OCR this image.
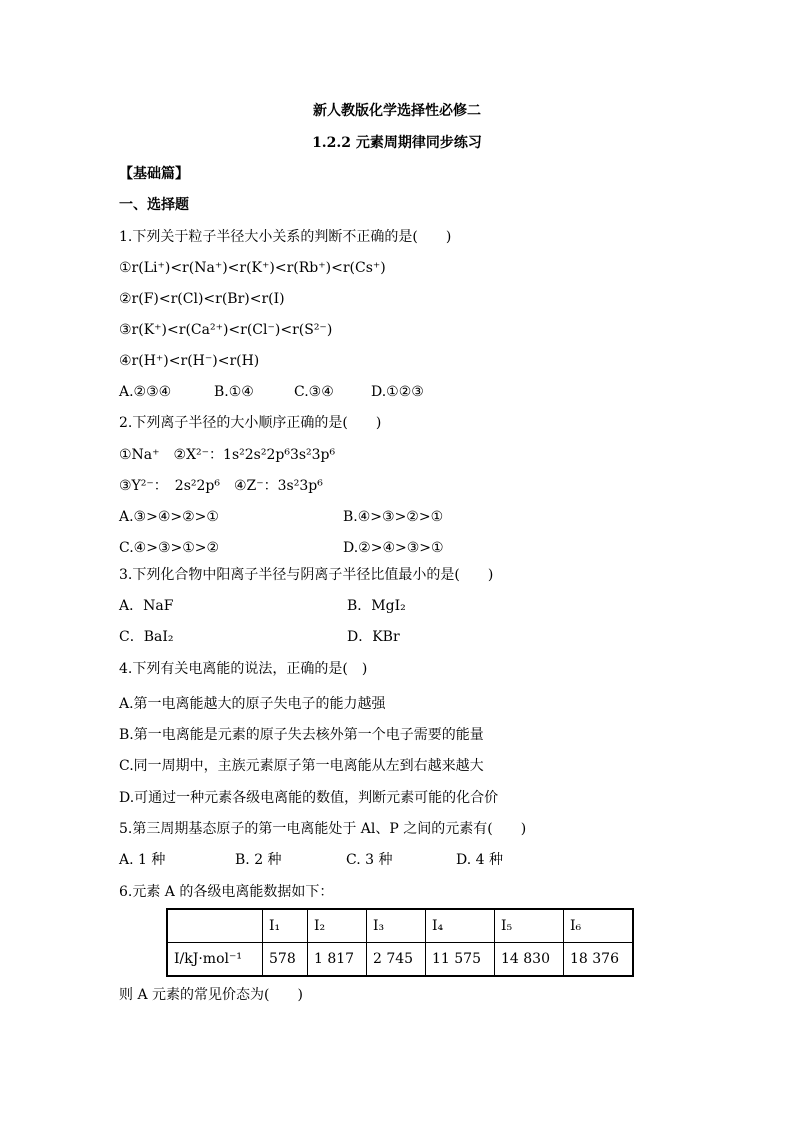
新人教版化学选择性必修二
1.2.2 元素周期律同步练习
【基础篇】
一、选择题
1.下列关于粒子半径大小关系的判断不正确的是(　　)
①r(Li⁺)<r(Na⁺)<r(K⁺)<r(Rb⁺)<r(Cs⁺)
②r(F)<r(Cl)<r(Br)<r(I)
③r(K⁺)<r(Ca²⁺)<r(Cl⁻)<r(S²⁻)
④r(H⁺)<r(H⁻)<r(H)
A.②③④	B.①④	C.③④	D.①②③
2.下列离子半径的大小顺序正确的是(　　)
①Na⁺　②X²⁻：1s²2s²2p⁶3s²3p⁶
③Y²⁻：　2s²2p⁶　④Z⁻：3s²3p⁶
A.③>④>②>①	B.④>③>②>①
C.④>③>①>②	D.②>④>③>①
3.下列化合物中阳离子半径与阴离子半径比值最小的是(　　)
A．NaF	B．MgI₂
C．BaI₂	D．KBr
4.下列有关电离能的说法，正确的是(　)
A.第一电离能越大的原子失电子的能力越强
B.第一电离能是元素的原子失去核外第一个电子需要的能量
C.同一周期中，主族元素原子第一电离能从左到右越来越大
D.可通过一种元素各级电离能的数值，判断元素可能的化合价
5.第三周期基态原子的第一电离能处于 Al、P 之间的元素有(　　)
A. 1 种	B. 2 种	C. 3 种	D. 4 种
6.元素 A 的各级电离能数据如下：
	I₁	I₂	I₃	I₄	I₅	I₆
I/kJ·mol⁻¹	578	1 817	2 745	11 575	14 830	18 376
则 A 元素的常见价态为(　　)
